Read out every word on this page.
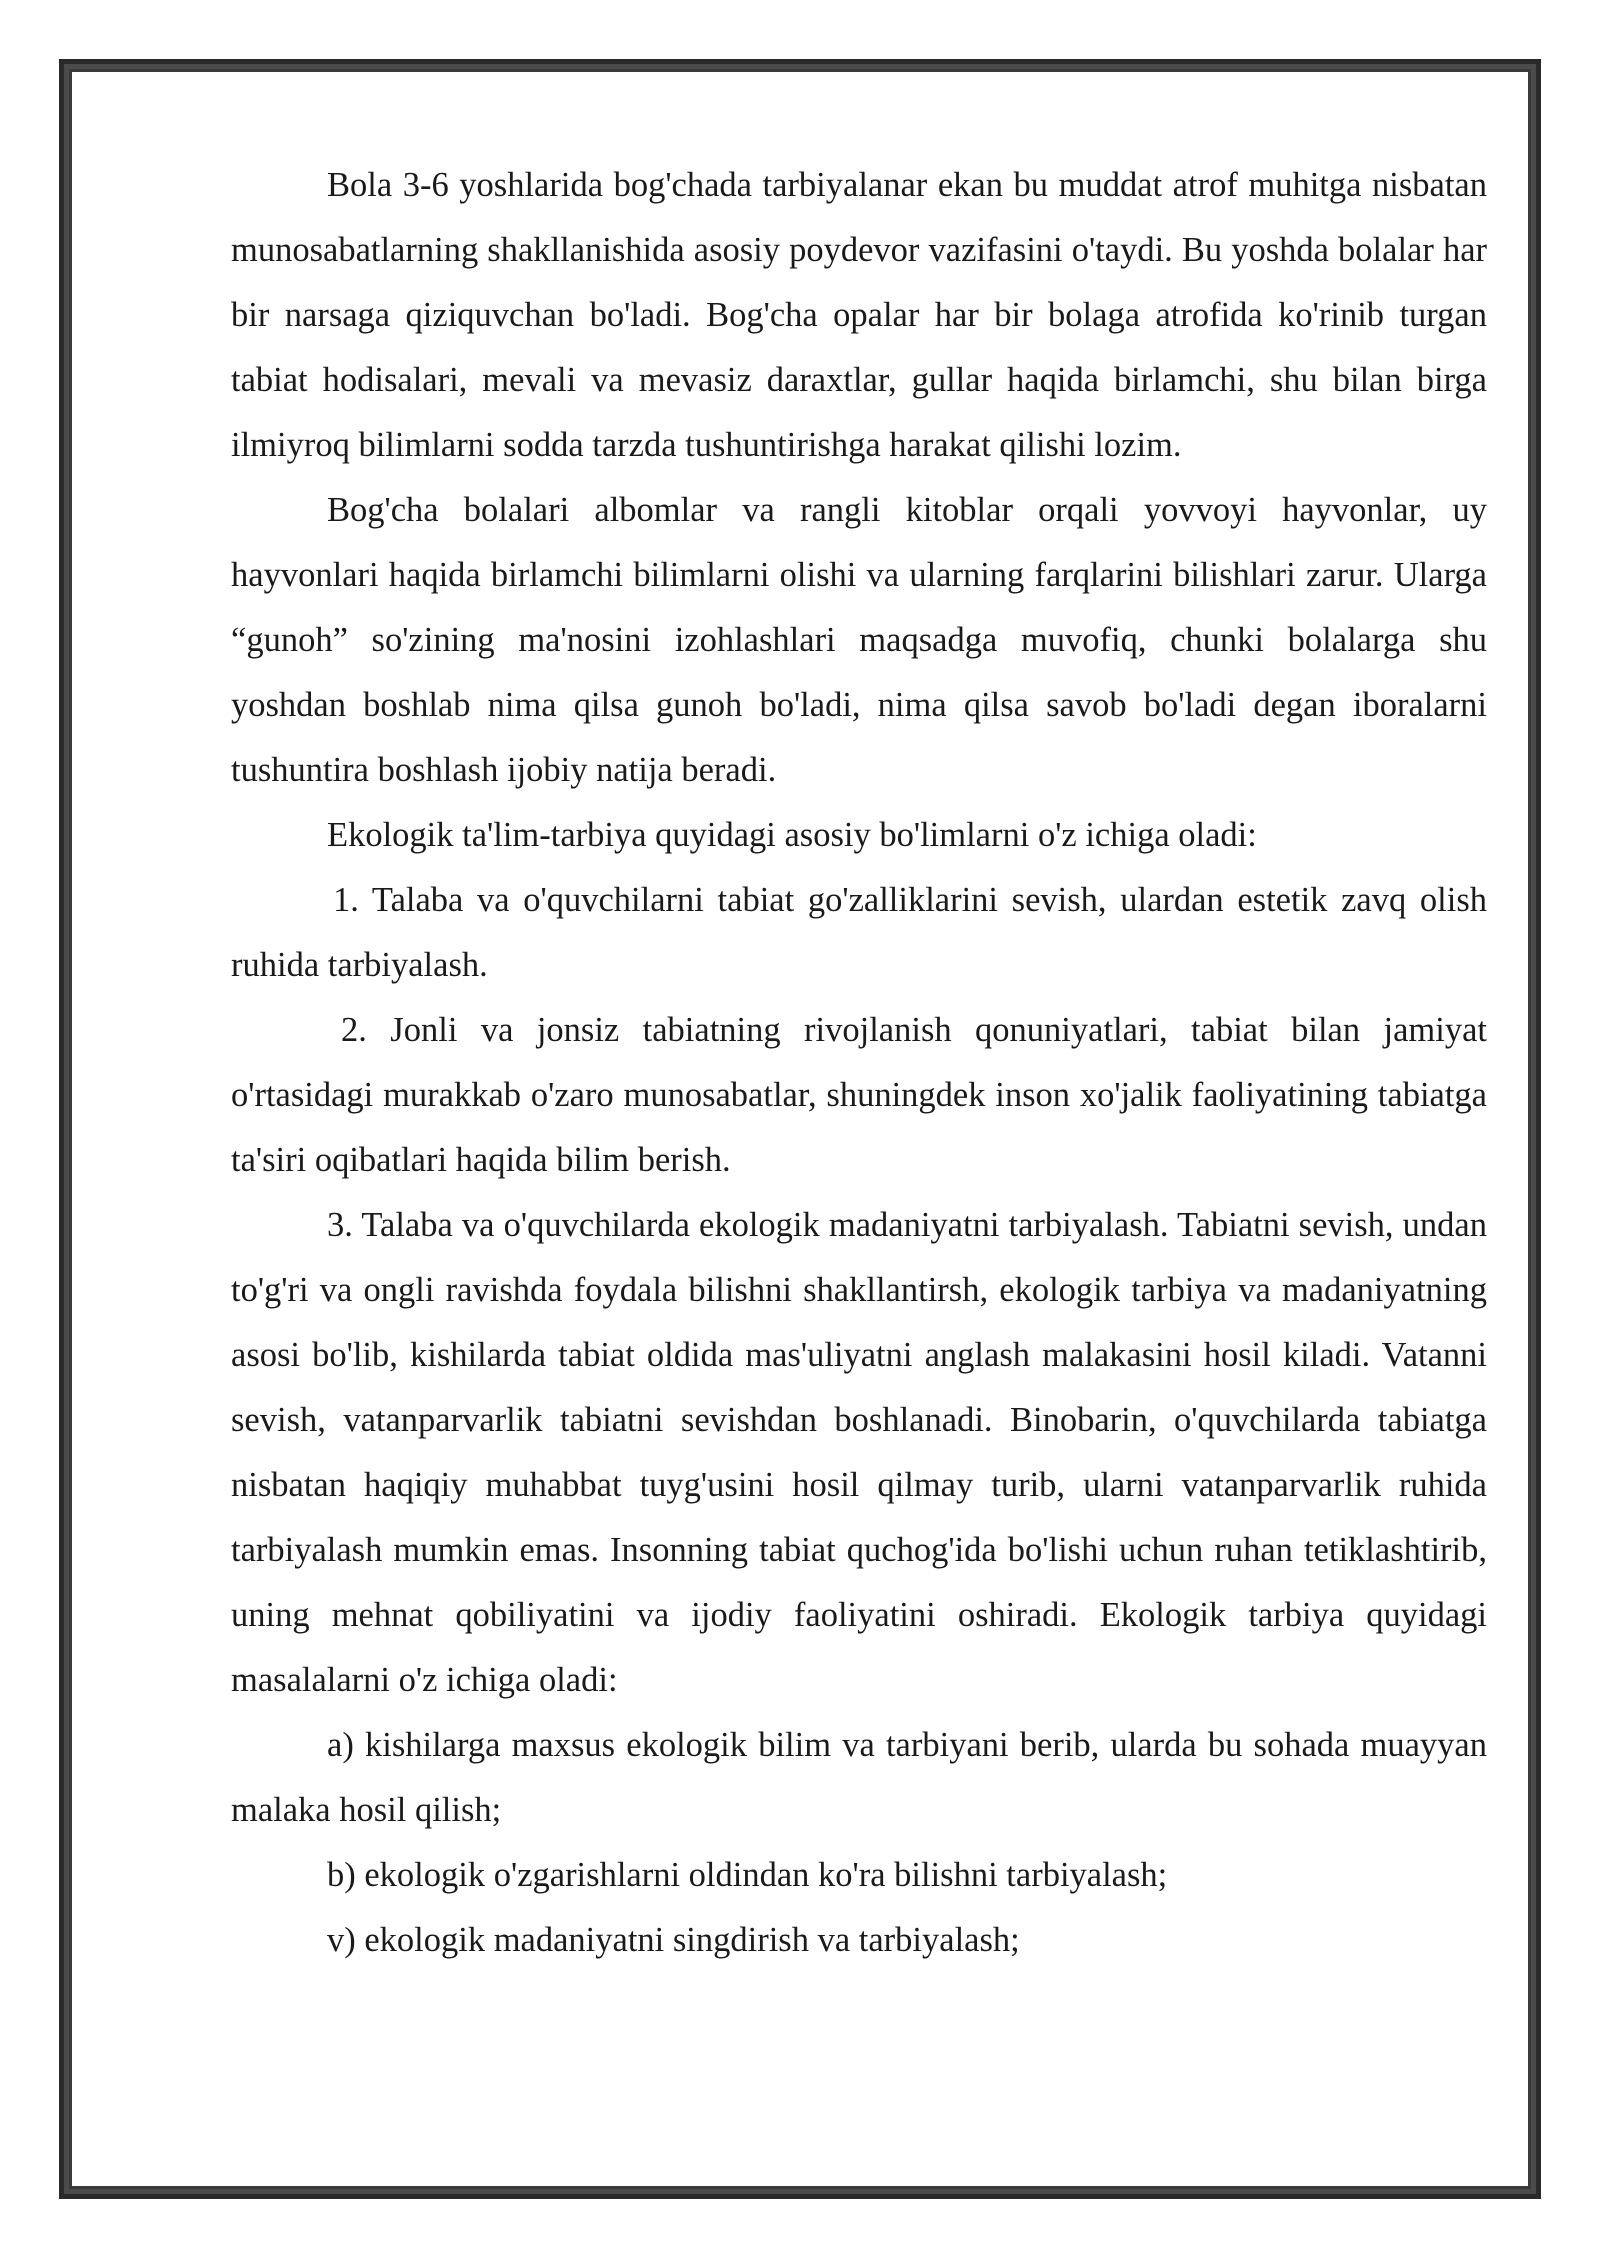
Bola 3-6 yoshlarida bog'chada tarbiyalanar ekan bu muddat atrof muhitga nisbatan munosabatlarning shakllanishida asosiy poydevor vazifasini o'taydi. Bu yoshda bolalar har bir narsaga qiziquvchan bo'ladi. Bog'cha opalar har bir bolaga atrofida ko'rinib turgan tabiat hodisalari, mevali va mevasiz daraxtlar, gullar haqida birlamchi, shu bilan birga ilmiyroq bilimlarni sodda tarzda tushuntirishga harakat qilishi lozim.

Bog'cha bolalari albomlar va rangli kitoblar orqali yovvoyi hayvonlar, uy hayvonlari haqida birlamchi bilimlarni olishi va ularning farqlarini bilishlari zarur. Ularga “gunoh” so'zining ma'nosini izohlashlari maqsadga muvofiq, chunki bolalarga shu yoshdan boshlab nima qilsa gunoh bo'ladi, nima qilsa savob bo'ladi degan iboralarni tushuntira boshlash ijobiy natija beradi.

Ekologik ta'lim-tarbiya quyidagi asosiy bo'limlarni o'z ichiga oladi:

1. Talaba va o'quvchilarni tabiat go'zalliklarini sevish, ulardan estetik zavq olish ruhida tarbiyalash.

2. Jonli va jonsiz tabiatning rivojlanish qonuniyatlari, tabiat bilan jamiyat o'rtasidagi murakkab o'zaro munosabatlar, shuningdek inson xo'jalik faoliyatining tabiatga ta'siri oqibatlari haqida bilim berish.

3. Talaba va o'quvchilarda ekologik madaniyatni tarbiyalash. Tabiatni sevish, undan to'g'ri va ongli ravishda foydala bilishni shakllantirsh, ekologik tarbiya va madaniyatning asosi bo'lib, kishilarda tabiat oldida mas'uliyatni anglash malakasini hosil kiladi. Vatanni sevish, vatanparvarlik tabiatni sevishdan boshlanadi. Binobarin, o'quvchilarda tabiatga nisbatan haqiqiy muhabbat tuyg'usini hosil qilmay turib, ularni vatanparvarlik ruhida tarbiyalash mumkin emas. Insonning tabiat quchog'ida bo'lishi uchun ruhan tetiklashtirib, uning mehnat qobiliyatini va ijodiy faoliyatini oshiradi. Ekologik tarbiya quyidagi masalalarni o'z ichiga oladi:

a) kishilarga maxsus ekologik bilim va tarbiyani berib, ularda bu sohada muayyan malaka hosil qilish;

b) ekologik o'zgarishlarni oldindan ko'ra bilishni tarbiyalash;

v) ekologik madaniyatni singdirish va tarbiyalash;
